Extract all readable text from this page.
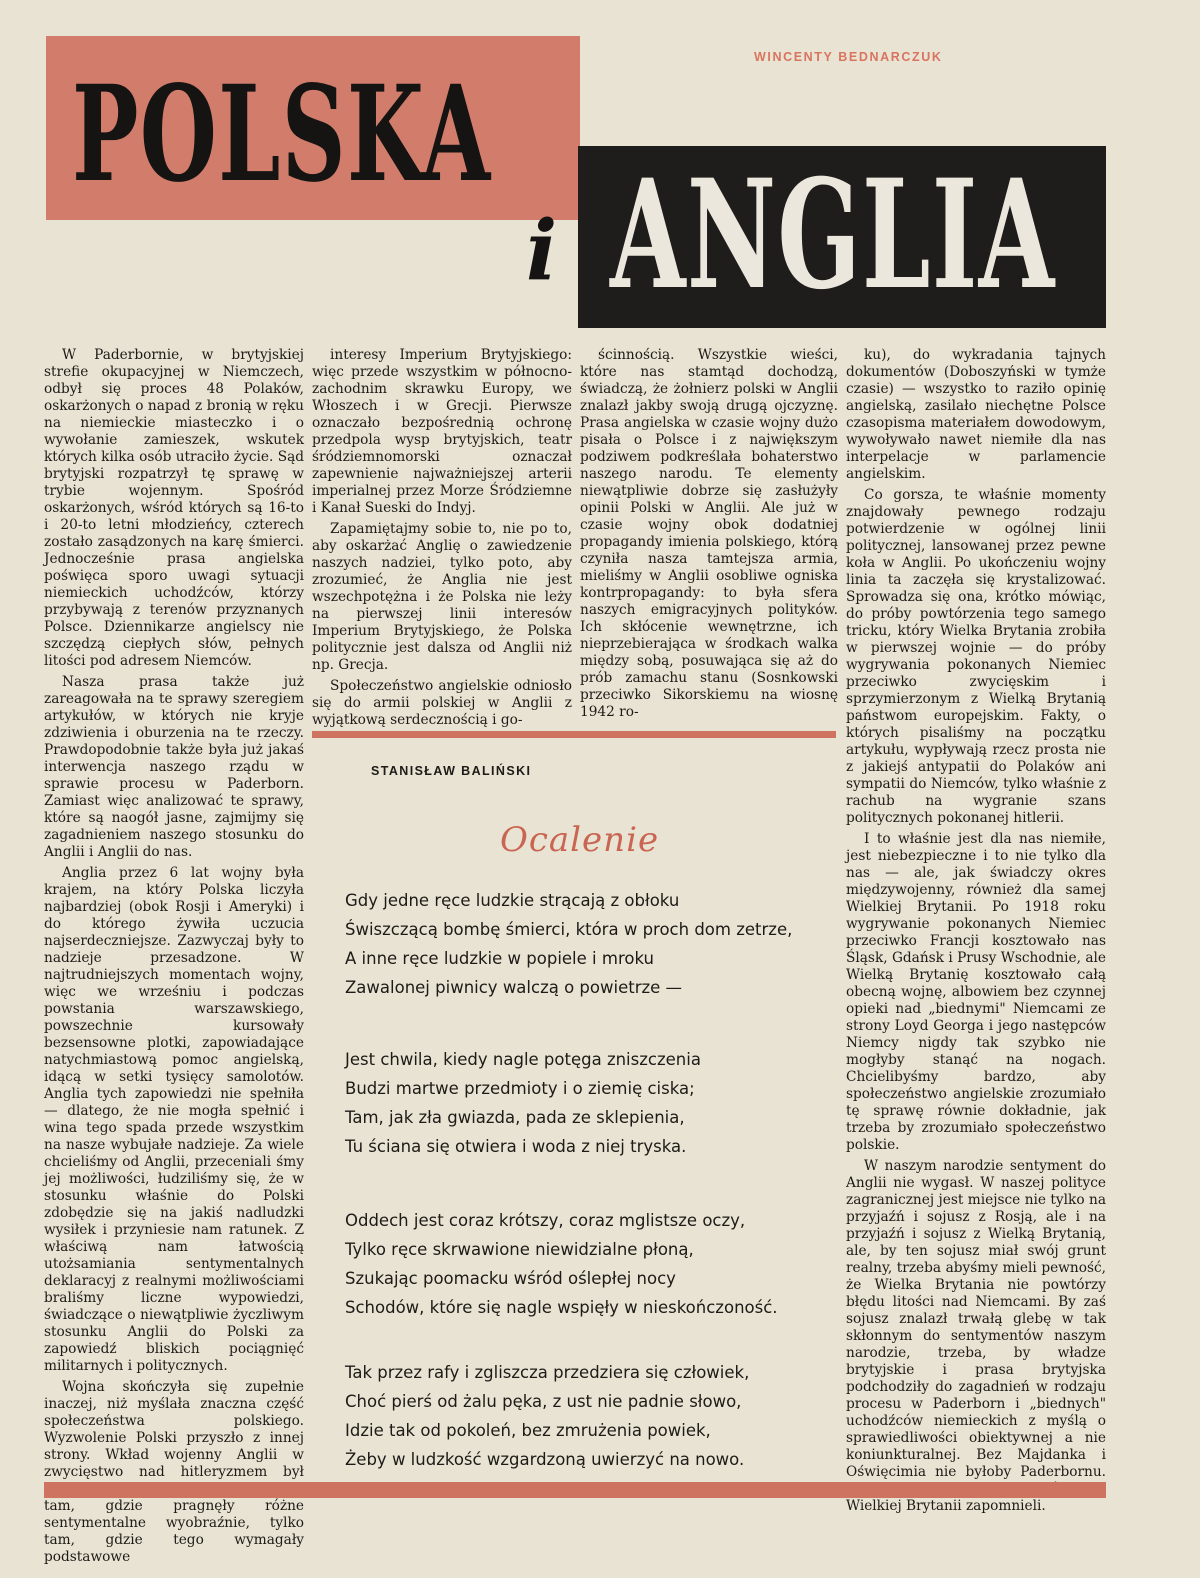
WINCENTY BEDNARCZUK
POLSKA
ANGLIA
i

W Paderbornie, w brytyjskiej strefie okupacyjnej w Niemczech, odbył się proces 48 Polaków, oskarżonych o napad z bronią w ręku na niemieckie miasteczko i o wywołanie zamieszek, wskutek których kilka osób utraciło życie. Sąd brytyjski rozpatrzył tę sprawę w trybie wojennym. Spośród oskarżonych, wśród których są 16-to i 20-to letni młodzieńcy, czterech zostało zasądzonych na karę śmierci. Jednocześnie prasa angielska poświęca sporo uwagi sytuacji niemieckich uchodźców, którzy przybywają z terenów przyznanych Polsce. Dziennikarze angielscy nie szczędzą ciepłych słów, pełnych litości pod adresem Niemców.

Nasza prasa także już zareagowała na te sprawy szeregiem artykułów, w których nie kryje zdziwienia i oburzenia na te rzeczy. Prawdopodobnie także była już jakaś interwencja naszego rządu w sprawie procesu w Paderborn. Zamiast więc analizować te sprawy, które są naogół jasne, zajmijmy się zagadnieniem naszego stosunku do Anglii i Anglii do nas.

Anglia przez 6 lat wojny była krajem, na który Polska liczyła najbardziej (obok Rosji i Ameryki) i do którego żywiła uczucia najserdeczniejsze. Zazwyczaj były to nadzieje przesadzone. W najtrudniejszych momentach wojny, więc we wrześniu i podczas powstania warszawskiego, powszechnie kursowały bezsensowne plotki, zapowiadające natychmiastową pomoc angielską, idącą w setki tysięcy samolotów. Anglia tych zapowiedzi nie spełniła — dlatego, że nie mogła spełnić i wina tego spada przede wszystkim na nasze wybujałe nadzieje. Za wiele chcieliśmy od Anglii, przeceniali śmy jej możliwości, łudziliśmy się, że w stosunku właśnie do Polski zdobędzie się na jakiś nadludzki wysiłek i przyniesie nam ratunek. Z właściwą nam łatwością utożsamiania sentymentalnych deklaracyj z realnymi możliwościami braliśmy liczne wypowiedzi, świadczące o niewątpliwie życzliwym stosunku Anglii do Polski za zapowiedź bliskich pociągnięć militarnych i politycznych.

Wojna skończyła się zupełnie inaczej, niż myślała znaczna część społeczeństwa polskiego. Wyzwolenie Polski przyszło z innej strony. Wkład wojenny Anglii w zwycięstwo nad hitleryzmem był tam, gdzie pragnęły różne sentymentalne wyobraźnie, tylko tam, gdzie tego wymagały podstawowe

interesy Imperium Brytyjskiego: więc przede wszystkim w północno-zachodnim skrawku Europy, we Włoszech i w Grecji. Pierwsze oznaczało bezpośrednią ochronę przedpola wysp brytyjskich, teatr śródziemnomorski oznaczał zapewnienie najważniejszej arterii imperialnej przez Morze Śródziemne i Kanał Sueski do Indyj.

Zapamiętajmy sobie to, nie po to, aby oskarżać Anglię o zawiedzenie naszych nadziei, tylko poto, aby zrozumieć, że Anglia nie jest wszechpotężna i że Polska nie leży na pierwszej linii interesów Imperium Brytyjskiego, że Polska politycznie jest dalsza od Anglii niż np. Grecja.

Społeczeństwo angielskie odniosło się do armii polskiej w Anglii z wyjątkową serdecznością i go-

ścinnością. Wszystkie wieści, które nas stamtąd dochodzą, świadczą, że żołnierz polski w Anglii znalazł jakby swoją drugą ojczyznę. Prasa angielska w czasie wojny dużo pisała o Polsce i z największym podziwem podkreślała bohaterstwo naszego narodu. Te elementy niewątpliwie dobrze się zasłużyły opinii Polski w Anglii. Ale już w czasie wojny obok dodatniej propagandy imienia polskiego, którą czyniła nasza tamtejsza armia, mieliśmy w Anglii osobliwe ogniska kontrpropagandy: to była sfera naszych emigracyjnych polityków. Ich skłócenie wewnętrzne, ich nieprzebierająca w środkach walka między sobą, posuwająca się aż do prób zamachu stanu (Sosnkowski przeciwko Sikorskiemu na wiosnę 1942 ro-

ku), do wykradania tajnych dokumentów (Doboszyński w tymże czasie) — wszystko to raziło opinię angielską, zasilało niechętne Polsce czasopisma materiałem dowodowym, wywoływało nawet niemiłe dla nas interpelacje w parlamencie angielskim.

Co gorsza, te właśnie momenty znajdowały pewnego rodzaju potwierdzenie w ogólnej linii politycznej, lansowanej przez pewne koła w Anglii. Po ukończeniu wojny linia ta zaczęła się krystalizować. Sprowadza się ona, krótko mówiąc, do próby powtórzenia tego samego tricku, który Wielka Brytania zrobiła w pierwszej wojnie — do próby wygrywania pokonanych Niemiec przeciwko zwycięskim i sprzymierzonym z Wielką Brytanią państwom europejskim. Fakty, o których pisaliśmy na początku artykułu, wypływają rzecz prosta nie z jakiejś antypatii do Polaków ani sympatii do Niemców, tylko właśnie z rachub na wygranie szans politycznych pokonanej hitlerii.

I to właśnie jest dla nas niemiłe, jest niebezpieczne i to nie tylko dla nas — ale, jak świadczy okres międzywojenny, również dla samej Wielkiej Brytanii. Po 1918 roku wygrywanie pokonanych Niemiec przeciwko Francji kosztowało nas Śląsk, Gdańsk i Prusy Wschodnie, ale Wielką Brytanię kosztowało całą obecną wojnę, albowiem bez czynnej opieki nad „biednymi" Niemcami ze strony Loyd Georga i jego następców Niemcy nigdy tak szybko nie mogłyby stanąć na nogach. Chcielibyśmy bardzo, aby społeczeństwo angielskie zrozumiało tę sprawę równie dokładnie, jak trzeba by zrozumiało społeczeństwo polskie.

W naszym narodzie sentyment do Anglii nie wygasł. W naszej polityce zagranicznej jest miejsce nie tylko na przyjaźń i sojusz z Rosją, ale i na przyjaźń i sojusz z Wielką Brytanią, ale, by ten sojusz miał swój grunt realny, trzeba abyśmy mieli pewność, że Wielka Brytania nie powtórzy błędu litości nad Niemcami. By zaś sojusz znalazł trwałą glebę w tak skłonnym do sentymentów naszym narodzie, trzeba, by władze brytyjskie i prasa brytyjska podchodziły do zagadnień w rodzaju procesu w Paderborn i „biednych" uchodźców niemieckich z myślą o sprawiedliwości obiektywnej a nie koniunkturalnej. Bez Majdanka i Oświęcimia nie byłoby Paderbornu. Wielkiej Brytanii zapomnieli.

STANISŁAW BALIŃSKI
Ocalenie
Gdy jedne ręce ludzkie strącają z obłoku
Świszczącą bombę śmierci, która w proch dom zetrze,
A inne ręce ludzkie w popiele i mroku
Zawalonej piwnicy walczą o powietrze —
Jest chwila, kiedy nagle potęga zniszczenia
Budzi martwe przedmioty i o ziemię ciska;
Tam, jak zła gwiazda, pada ze sklepienia,
Tu ściana się otwiera i woda z niej tryska.
Oddech jest coraz krótszy, coraz mglistsze oczy,
Tylko ręce skrwawione niewidzialne płoną,
Szukając poomacku wśród oślepłej nocy
Schodów, które się nagle wspięły w nieskończoność.
Tak przez rafy i zgliszcza przedziera się człowiek,
Choć pierś od żalu pęka, z ust nie padnie słowo,
Idzie tak od pokoleń, bez zmrużenia powiek,
Żeby w ludzkość wzgardzoną uwierzyć na nowo.
